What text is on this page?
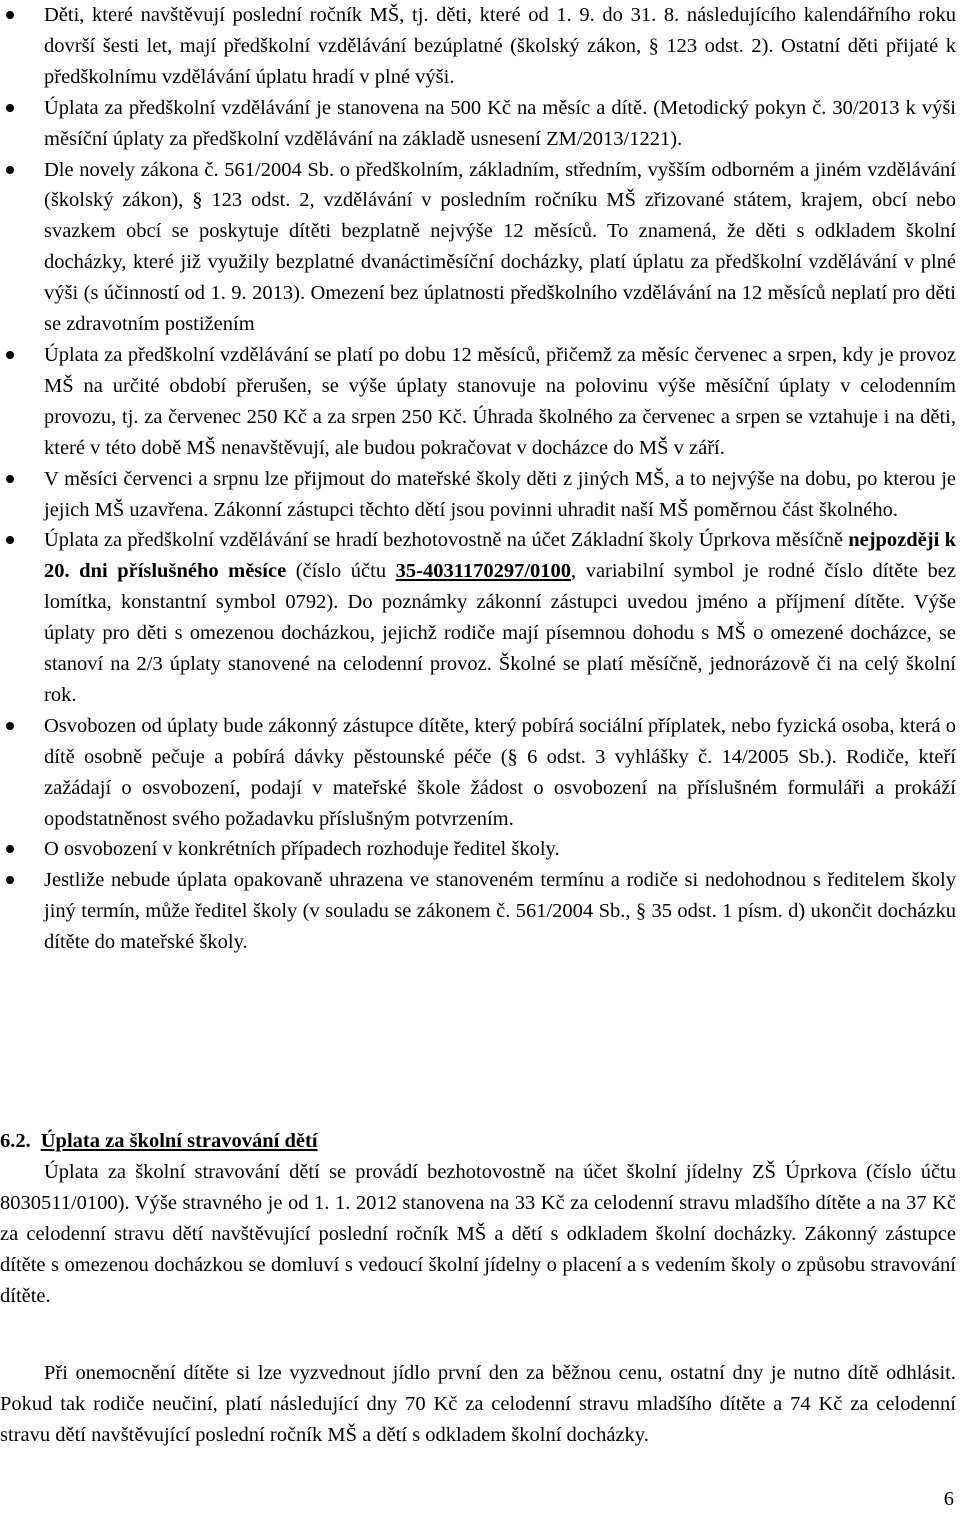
Děti, které navštěvují poslední ročník MŠ, tj. děti, které od 1. 9. do 31. 8. následujícího kalendářního roku dovrší šesti let, mají předškolní vzdělávání bezúplatné (školský zákon, § 123 odst. 2). Ostatní děti přijaté k předškolnímu vzdělávání úplatu hradí v plné výši.
Úplata za předškolní vzdělávání je stanovena na 500 Kč na měsíc a dítě. (Metodický pokyn č. 30/2013 k výši měsíční úplaty za předškolní vzdělávání na základě usnesení ZM/2013/1221).
Dle novely zákona č. 561/2004 Sb. o předškolním, základním, středním, vyšším odborném a jiném vzdělávání (školský zákon), § 123 odst. 2, vzdělávání v posledním ročníku MŠ zřizované státem, krajem, obcí nebo svazkem obcí se poskytuje dítěti bezplatně nejvýše 12 měsíců. To znamená, že děti s odkladem školní docházky, které již využily bezplatné dvanáctiměsíční docházky, platí úplatu za předškolní vzdělávání v plné výši (s účinností od 1. 9. 2013). Omezení bez úplatnosti předškolního vzdělávání na 12 měsíců neplatí pro děti se zdravotním postižením
Úplata za předškolní vzdělávání se platí po dobu 12 měsíců, přičemž za měsíc červenec a srpen, kdy je provoz MŠ na určité období přerušen, se výše úplaty stanovuje na polovinu výše měsíční úplaty v celodenním provozu, tj. za červenec 250 Kč a za srpen 250 Kč. Úhrada školného za červenec a srpen se vztahuje i na děti, které v této době MŠ nenavštěvují, ale budou pokračovat v docházce do MŠ v září.
V měsíci červenci a srpnu lze přijmout do mateřské školy děti z jiných MŠ, a to nejvýše na dobu, po kterou je jejich MŠ uzavřena. Zákonní zástupci těchto dětí jsou povinni uhradit naší MŠ poměrnou část školného.
Úplata za předškolní vzdělávání se hradí bezhotovostně na účet Základní školy Úprkova měsíčně nejpozději k 20. dni příslušného měsíce (číslo účtu 35-4031170297/0100, variabilní symbol je rodné číslo dítěte bez lomítka, konstantní symbol 0792). Do poznámky zákonní zástupci uvedou jméno a příjmení dítěte. Výše úplaty pro děti s omezenou docházkou, jejichž rodiče mají písemnou dohodu s MŠ o omezené docházce, se stanoví na 2/3 úplaty stanovené na celodenní provoz. Školné se platí měsíčně, jednorázově či na celý školní rok.
Osvobozen od úplaty bude zákonný zástupce dítěte, který pobírá sociální příplatek, nebo fyzická osoba, která o dítě osobně pečuje a pobírá dávky pěstounské péče (§ 6 odst. 3 vyhlášky č. 14/2005 Sb.). Rodiče, kteří zažádají o osvobození, podají v mateřské škole žádost o osvobození na příslušném formuláři a prokáží opodstatněnost svého požadavku příslušným potvrzením.
O osvobození v konkrétních případech rozhoduje ředitel školy.
Jestliže nebude úplata opakovaně uhrazena ve stanoveném termínu a rodiče si nedohodnou s ředitelem školy jiný termín, může ředitel školy (v souladu se zákonem č. 561/2004 Sb., § 35 odst. 1 písm. d) ukončit docházku dítěte do mateřské školy.
6.2. Úplata za školní stravování dětí

Úplata za školní stravování dětí se provádí bezhotovostně na účet školní jídelny ZŠ Úprkova (číslo účtu 8030511/0100). Výše stravného je od 1. 1. 2012 stanovena na 33 Kč za celodenní stravu mladšího dítěte a na 37 Kč za celodenní stravu dětí navštěvující poslední ročník MŠ a dětí s odkladem školní docházky. Zákonný zástupce dítěte s omezenou docházkou se domluví s vedoucí školní jídelny o placení a s vedením školy o způsobu stravování dítěte.

Při onemocnění dítěte si lze vyzvednout jídlo první den za běžnou cenu, ostatní dny je nutno dítě odhlásit. Pokud tak rodiče neučiní, platí následující dny 70 Kč za celodenní stravu mladšího dítěte a 74 Kč za celodenní stravu dětí navštěvující poslední ročník MŠ a dětí s odkladem školní docházky.

6
